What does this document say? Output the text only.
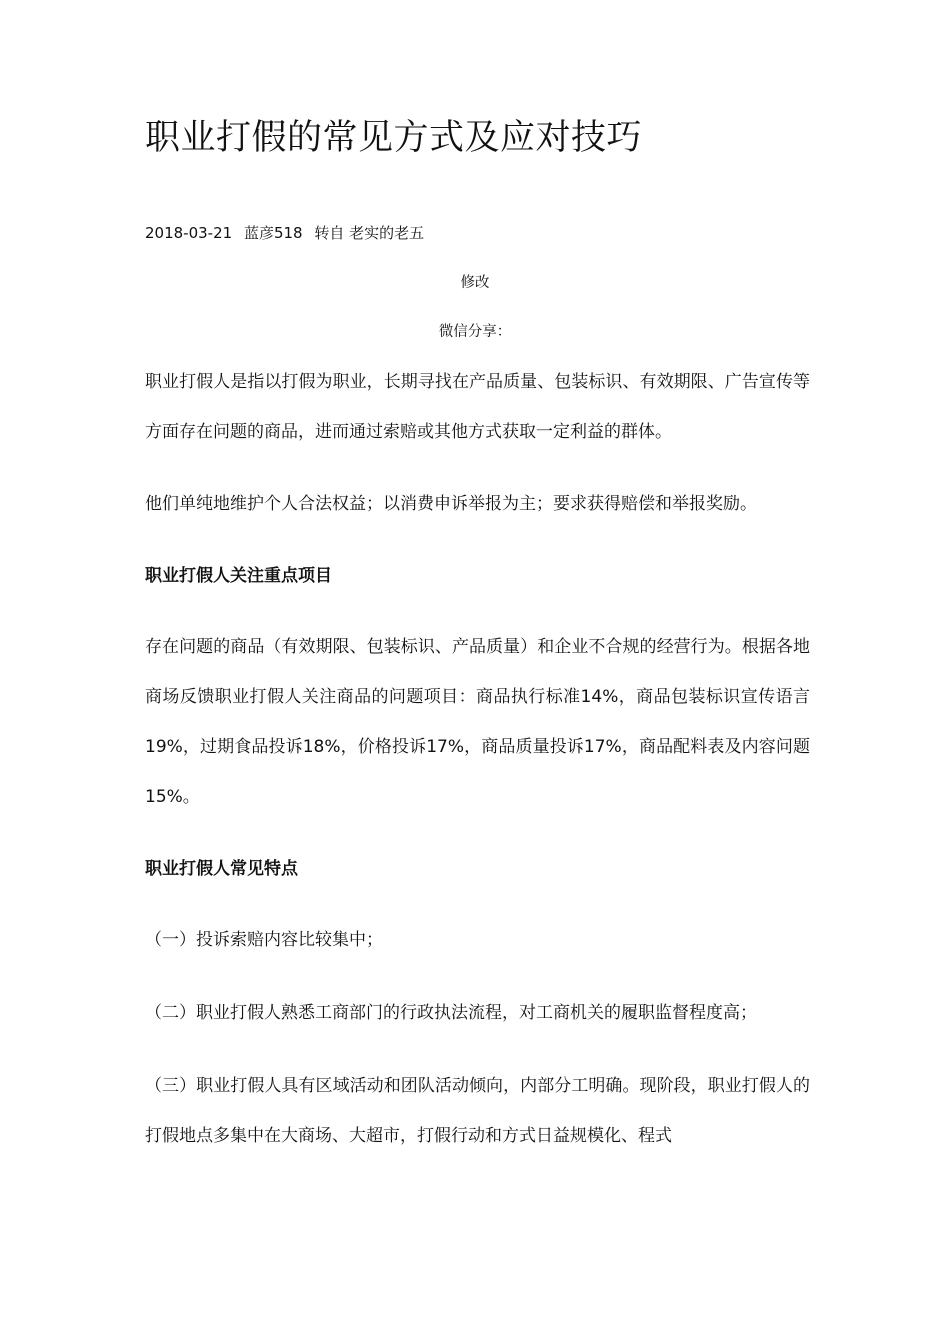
职业打假的常见方式及应对技巧
2018-03-21 蓝彦518 转自 老实的老五
修改
微信分享：

职业打假人是指以打假为职业，长期寻找在产品质量、包装标识、有效期限、广告宣传等方面存在问题的商品，进而通过索赔或其他方式获取一定利益的群体。

他们单纯地维护个人合法权益；以消费申诉举报为主；要求获得赔偿和举报奖励。

职业打假人关注重点项目

存在问题的商品（有效期限、包装标识、产品质量）和企业不合规的经营行为。根据各地商场反馈职业打假人关注商品的问题项目：商品执行标准14%，商品包装标识宣传语言19%，过期食品投诉18%，价格投诉17%，商品质量投诉17%，商品配料表及内容问题15%。

职业打假人常见特点

（一）投诉索赔内容比较集中；

（二）职业打假人熟悉工商部门的行政执法流程，对工商机关的履职监督程度高；

（三）职业打假人具有区域活动和团队活动倾向，内部分工明确。现阶段，职业打假人的打假地点多集中在大商场、大超市，打假行动和方式日益规模化、程式
